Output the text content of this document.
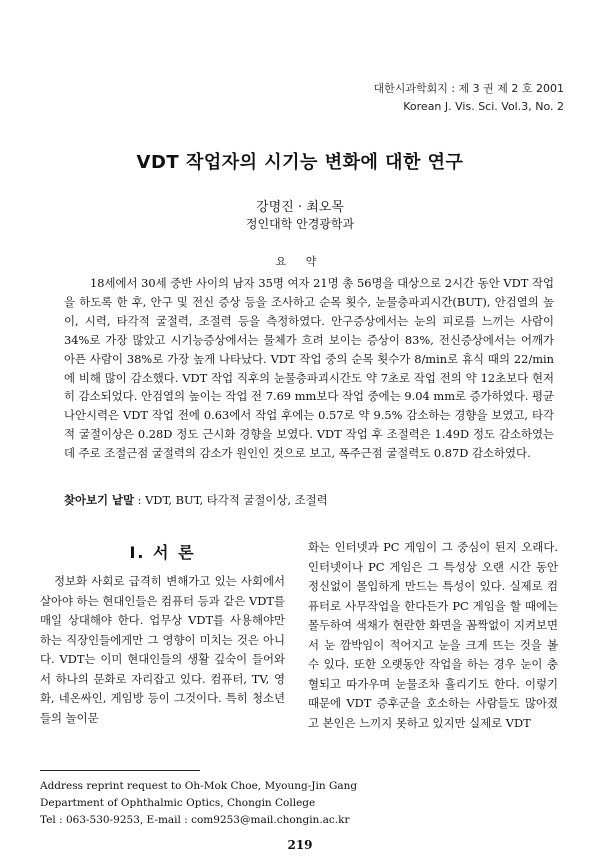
대한시과학회지 : 제 3 권 제 2 호 2001
Korean J. Vis. Sci. Vol.3, No. 2
VDT 작업자의 시기능 변화에 대한 연구
강명진 · 최오목
정인대학 안경광학과
요 약

18세에서 30세 중반 사이의 남자 35명 여자 21명 총 56명을 대상으로 2시간 동안 VDT 작업을 하도록 한 후, 안구 및 전신 증상 등을 조사하고 순목 횟수, 눈물층파괴시간(BUT), 안검열의 높이, 시력, 타각적 굴절력, 조절력 등을 측정하였다. 안구증상에서는 눈의 피로를 느끼는 사람이 34%로 가장 많았고 시기능증상에서는 물체가 흐려 보이는 증상이 83%, 전신증상에서는 어깨가 아픈 사람이 38%로 가장 높게 나타났다. VDT 작업 중의 순목 횟수가 8/min로 휴식 때의 22/min에 비해 많이 감소했다. VDT 작업 직후의 눈물층파괴시간도 약 7초로 작업 전의 약 12초보다 현저히 감소되었다. 안검열의 높이는 작업 전 7.69 mm보다 작업 중에는 9.04 mm로 증가하였다. 평균 나안시력은 VDT 작업 전에 0.63에서 작업 후에는 0.57로 약 9.5% 감소하는 경향을 보였고, 타각적 굴절이상은 0.28D 정도 근시화 경향을 보였다. VDT 작업 후 조절력은 1.49D 정도 감소하였는데 주로 조절근점 굴절력의 감소가 원인인 것으로 보고, 폭주근점 굴절력도 0.87D 감소하였다.

찾아보기 낱말 : VDT, BUT, 타각적 굴절이상, 조절력
I. 서 론

정보화 사회로 급격히 변해가고 있는 사회에서 살아야 하는 현대인들은 컴퓨터 등과 같은 VDT를 매일 상대해야 한다. 업무상 VDT를 사용해야만 하는 직장인들에게만 그 영향이 미치는 것은 아니다. VDT는 이미 현대인들의 생활 깊숙이 들어와서 하나의 문화로 자리잡고 있다. 컴퓨터, TV, 영화, 네온싸인, 게임방 등이 그것이다. 특히 청소년들의 놀이문

화는 인터넷과 PC 게임이 그 중심이 된지 오래다. 인터넷이나 PC 게임은 그 특성상 오랜 시간 동안 정신없이 몰입하게 만드는 특성이 있다. 실제로 컴퓨터로 사무작업을 한다든가 PC 게임을 할 때에는 몰두하여 색채가 현란한 화면을 꼼짝없이 지켜보면서 눈 깜박임이 적어지고 눈을 크게 뜨는 것을 볼 수 있다. 또한 오랫동안 작업을 하는 경우 눈이 충혈되고 따가우며 눈물조차 흘리기도 한다. 이렇기 때문에 VDT 증후군을 호소하는 사람들도 많아졌고 본인은 느끼지 못하고 있지만 실제로 VDT

Address reprint request to Oh-Mok Choe, Myoung-Jin Gang
Department of Ophthalmic Optics, Chongin College
Tel : 063-530-9253, E-mail : com9253@mail.chongin.ac.kr
219
